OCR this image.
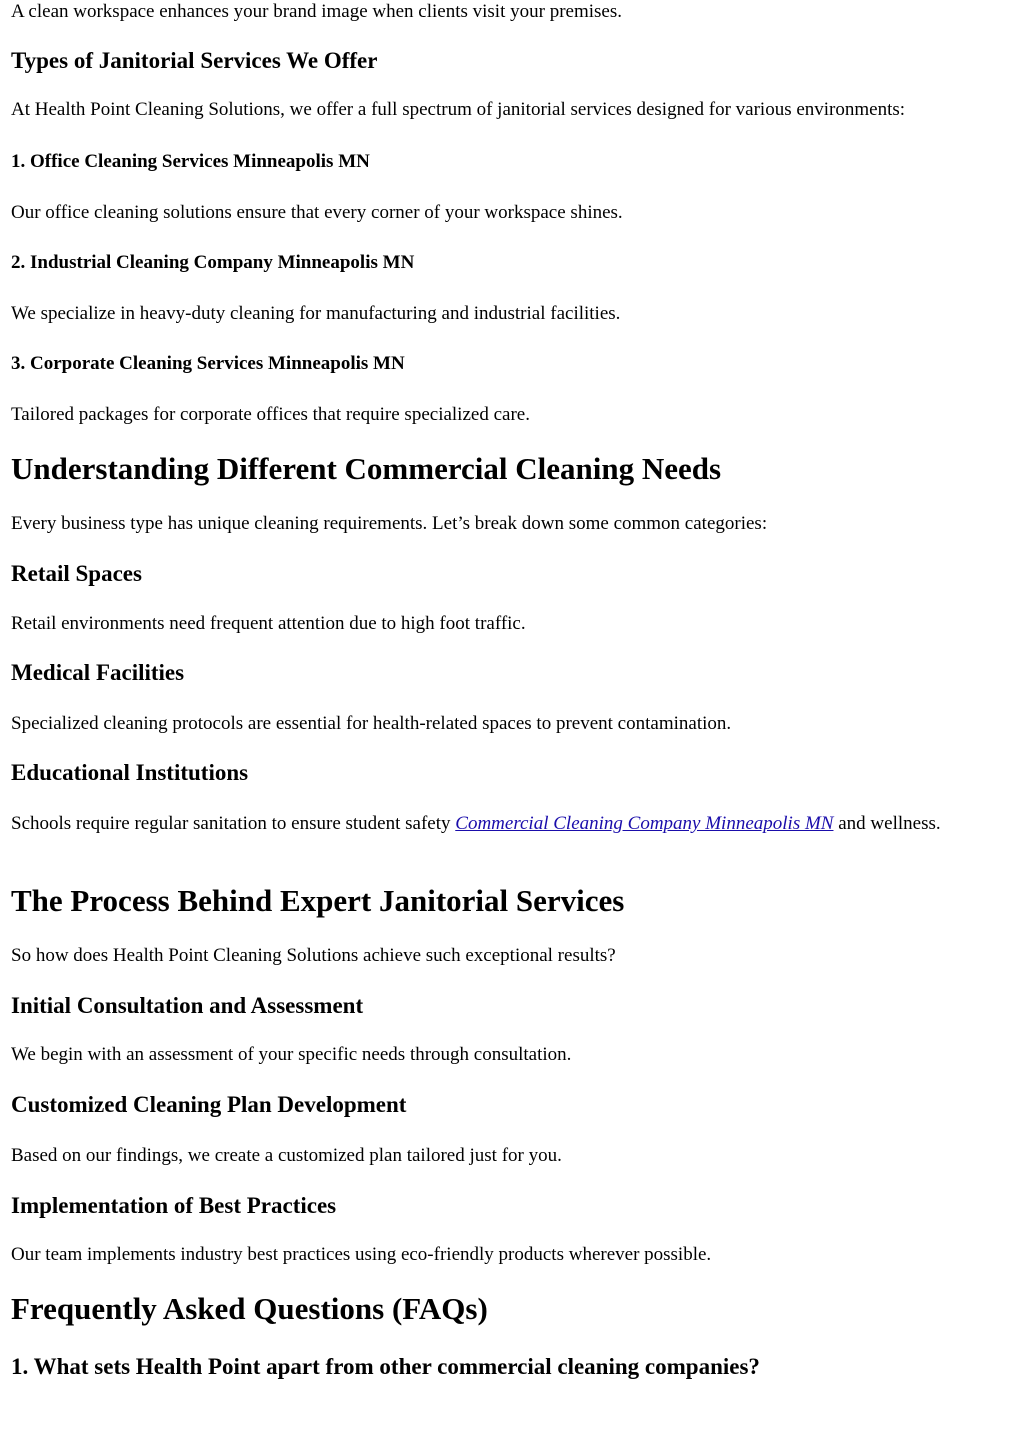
A clean workspace enhances your brand image when clients visit your premises.

Types of Janitorial Services We Offer

At Health Point Cleaning Solutions, we offer a full spectrum of janitorial services designed for various environments:

1. Office Cleaning Services Minneapolis MN

Our office cleaning solutions ensure that every corner of your workspace shines.

2. Industrial Cleaning Company Minneapolis MN

We specialize in heavy-duty cleaning for manufacturing and industrial facilities.

3. Corporate Cleaning Services Minneapolis MN

Tailored packages for corporate offices that require specialized care.

Understanding Different Commercial Cleaning Needs

Every business type has unique cleaning requirements. Let’s break down some common categories:

Retail Spaces

Retail environments need frequent attention due to high foot traffic.

Medical Facilities

Specialized cleaning protocols are essential for health-related spaces to prevent contamination.

Educational Institutions

Schools require regular sanitation to ensure student safety Commercial Cleaning Company Minneapolis MN and wellness.

The Process Behind Expert Janitorial Services

So how does Health Point Cleaning Solutions achieve such exceptional results?

Initial Consultation and Assessment

We begin with an assessment of your specific needs through consultation.

Customized Cleaning Plan Development

Based on our findings, we create a customized plan tailored just for you.

Implementation of Best Practices

Our team implements industry best practices using eco-friendly products wherever possible.

Frequently Asked Questions (FAQs)
1. What sets Health Point apart from other commercial cleaning companies?
